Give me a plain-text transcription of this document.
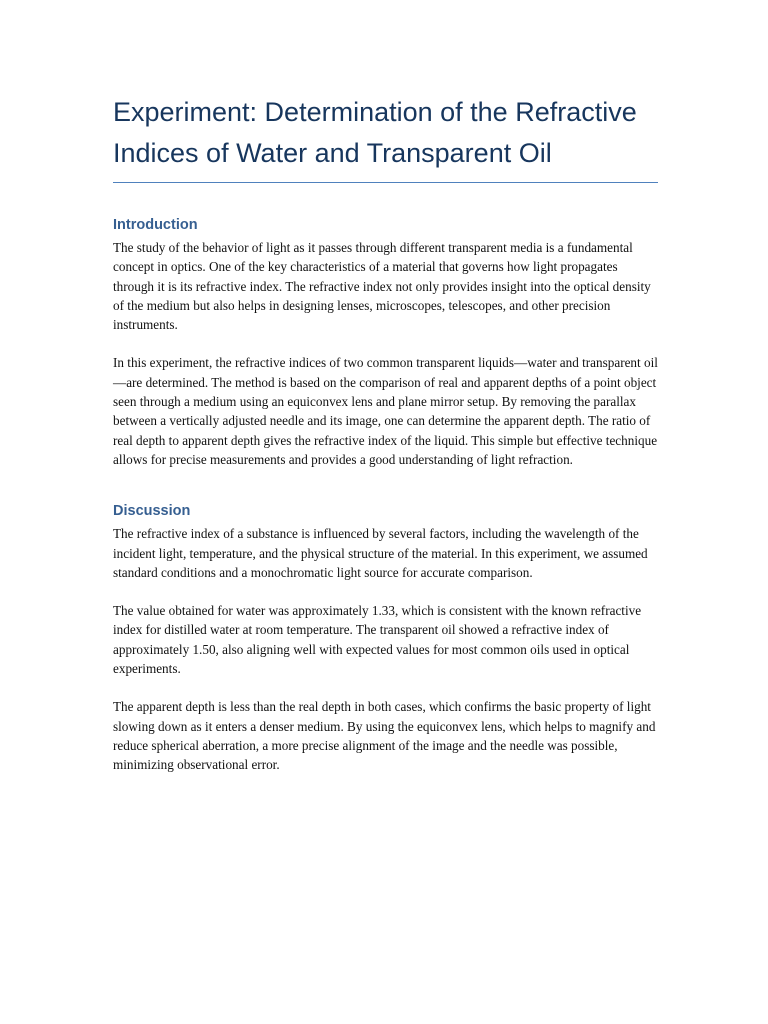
Experiment: Determination of the Refractive Indices of Water and Transparent Oil
Introduction

The study of the behavior of light as it passes through different transparent media is a fundamental concept in optics. One of the key characteristics of a material that governs how light propagates through it is its refractive index. The refractive index not only provides insight into the optical density of the medium but also helps in designing lenses, microscopes, telescopes, and other precision instruments.

In this experiment, the refractive indices of two common transparent liquids—water and transparent oil—are determined. The method is based on the comparison of real and apparent depths of a point object seen through a medium using an equiconvex lens and plane mirror setup. By removing the parallax between a vertically adjusted needle and its image, one can determine the apparent depth. The ratio of real depth to apparent depth gives the refractive index of the liquid. This simple but effective technique allows for precise measurements and provides a good understanding of light refraction.

Discussion

The refractive index of a substance is influenced by several factors, including the wavelength of the incident light, temperature, and the physical structure of the material. In this experiment, we assumed standard conditions and a monochromatic light source for accurate comparison.

The value obtained for water was approximately 1.33, which is consistent with the known refractive index for distilled water at room temperature. The transparent oil showed a refractive index of approximately 1.50, also aligning well with expected values for most common oils used in optical experiments.

The apparent depth is less than the real depth in both cases, which confirms the basic property of light slowing down as it enters a denser medium. By using the equiconvex lens, which helps to magnify and reduce spherical aberration, a more precise alignment of the image and the needle was possible, minimizing observational error.
